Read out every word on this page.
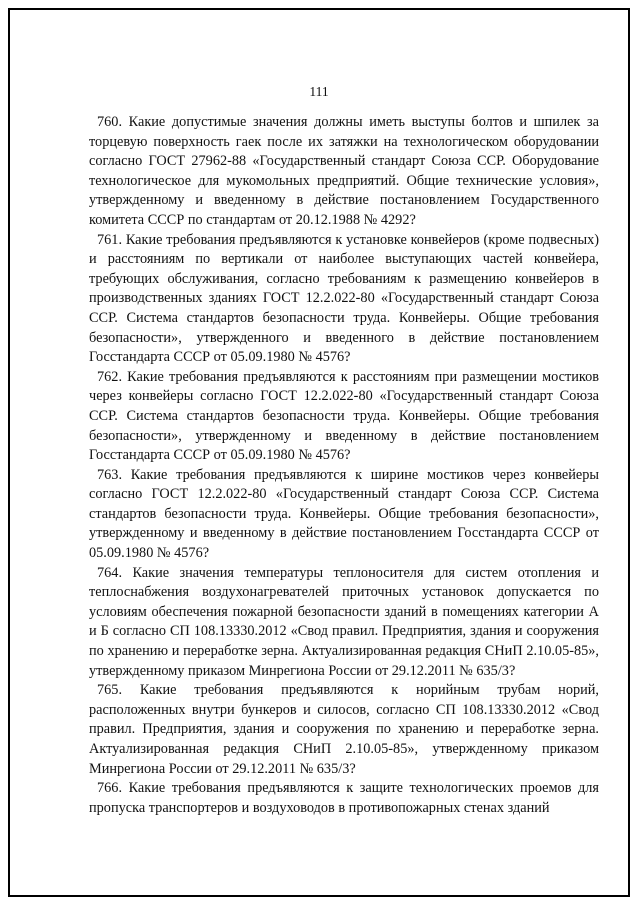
111

760. Какие допустимые значения должны иметь выступы болтов и шпилек за торцевую поверхность гаек после их затяжки на технологическом оборудовании согласно ГОСТ 27962-88 «Государственный стандарт Союза ССР. Оборудование технологическое для мукомольных предприятий. Общие технические условия», утвержденному и введенному в действие постановлением Государственного комитета СССР по стандартам от 20.12.1988 № 4292?

761. Какие требования предъявляются к установке конвейеров (кроме подвесных) и расстояниям по вертикали от наиболее выступающих частей конвейера, требующих обслуживания, согласно требованиям к размещению конвейеров в производственных зданиях ГОСТ 12.2.022-80 «Государственный стандарт Союза ССР. Система стандартов безопасности труда. Конвейеры. Общие требования безопасности», утвержденного и введенного в действие постановлением Госстандарта СССР от 05.09.1980 № 4576?

762. Какие требования предъявляются к расстояниям при размещении мостиков через конвейеры согласно ГОСТ 12.2.022-80 «Государственный стандарт Союза ССР. Система стандартов безопасности труда. Конвейеры. Общие требования безопасности», утвержденному и введенному в действие постановлением Госстандарта СССР от 05.09.1980 № 4576?

763. Какие требования предъявляются к ширине мостиков через конвейеры согласно ГОСТ 12.2.022-80 «Государственный стандарт Союза ССР. Система стандартов безопасности труда. Конвейеры. Общие требования безопасности», утвержденному и введенному в действие постановлением Госстандарта СССР от 05.09.1980 № 4576?

764. Какие значения температуры теплоносителя для систем отопления и теплоснабжения воздухонагревателей приточных установок допускается по условиям обеспечения пожарной безопасности зданий в помещениях категории А и Б согласно СП 108.13330.2012 «Свод правил. Предприятия, здания и сооружения по хранению и переработке зерна. Актуализированная редакция СНиП 2.10.05-85», утвержденному приказом Минрегиона России от 29.12.2011 № 635/3?

765. Какие требования предъявляются к норийным трубам норий, расположенных внутри бункеров и силосов, согласно СП 108.13330.2012 «Свод правил. Предприятия, здания и сооружения по хранению и переработке зерна. Актуализированная редакция СНиП 2.10.05-85», утвержденному приказом Минрегиона России от 29.12.2011 № 635/3?

766. Какие требования предъявляются к защите технологических проемов для пропуска транспортеров и воздуховодов в противопожарных стенах зданий
